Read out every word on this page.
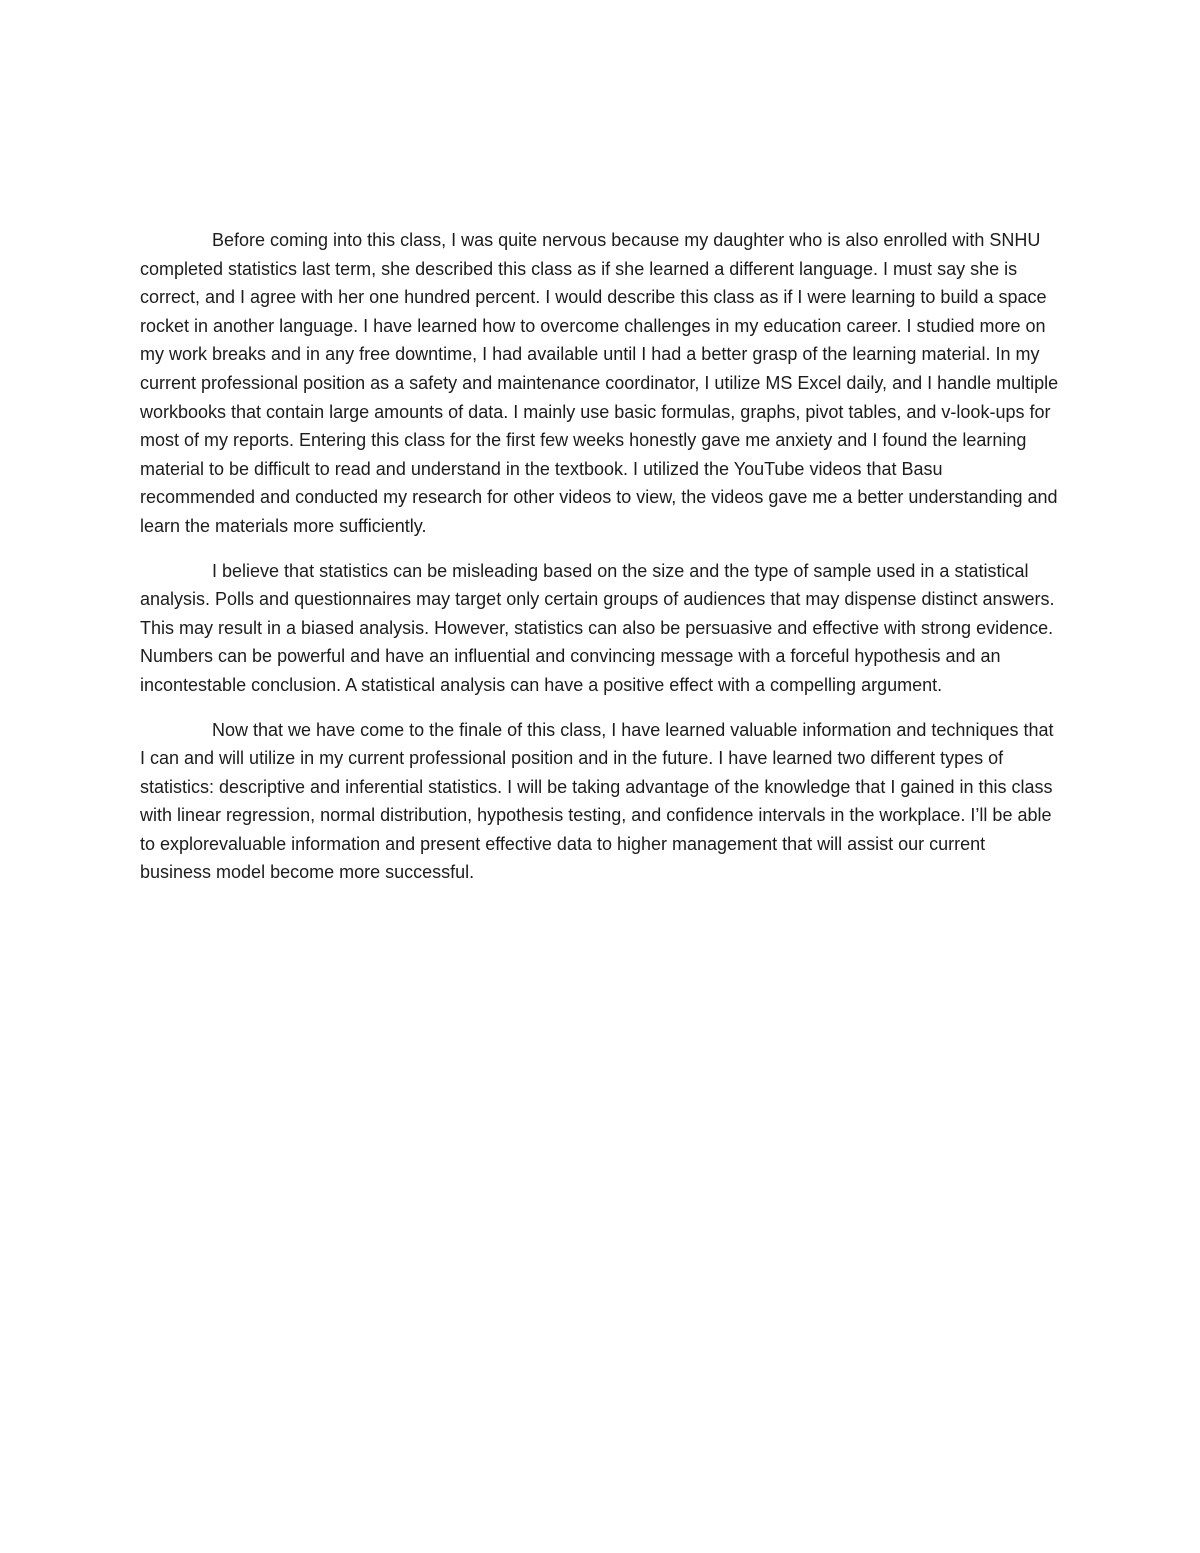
Before coming into this class, I was quite nervous because my daughter who is also enrolled with SNHU completed statistics last term, she described this class as if she learned a different language. I must say she is correct, and I agree with her one hundred percent. I would describe this class as if I were learning to build a space rocket in another language. I have learned how to overcome challenges in my education career. I studied more on my work breaks and in any free downtime, I had available until I had a better grasp of the learning material. In my current professional position as a safety and maintenance coordinator, I utilize MS Excel daily, and I handle multiple workbooks that contain large amounts of data. I mainly use basic formulas, graphs, pivot tables, and v-look-ups for most of my reports. Entering this class for the first few weeks honestly gave me anxiety and I found the learning material to be difficult to read and understand in the textbook. I utilized the YouTube videos that Basu recommended and conducted my research for other videos to view, the videos gave me a better understanding and learn the materials more sufficiently.

I believe that statistics can be misleading based on the size and the type of sample used in a statistical analysis. Polls and questionnaires may target only certain groups of audiences that may dispense distinct answers. This may result in a biased analysis. However, statistics can also be persuasive and effective with strong evidence. Numbers can be powerful and have an influential and convincing message with a forceful hypothesis and an incontestable conclusion. A statistical analysis can have a positive effect with a compelling argument.

Now that we have come to the finale of this class, I have learned valuable information and techniques that I can and will utilize in my current professional position and in the future. I have learned two different types of statistics: descriptive and inferential statistics. I will be taking advantage of the knowledge that I gained in this class with linear regression, normal distribution, hypothesis testing, and confidence intervals in the workplace. I’ll be able to explorevaluable information and present effective data to higher management that will assist our current business model become more successful.
